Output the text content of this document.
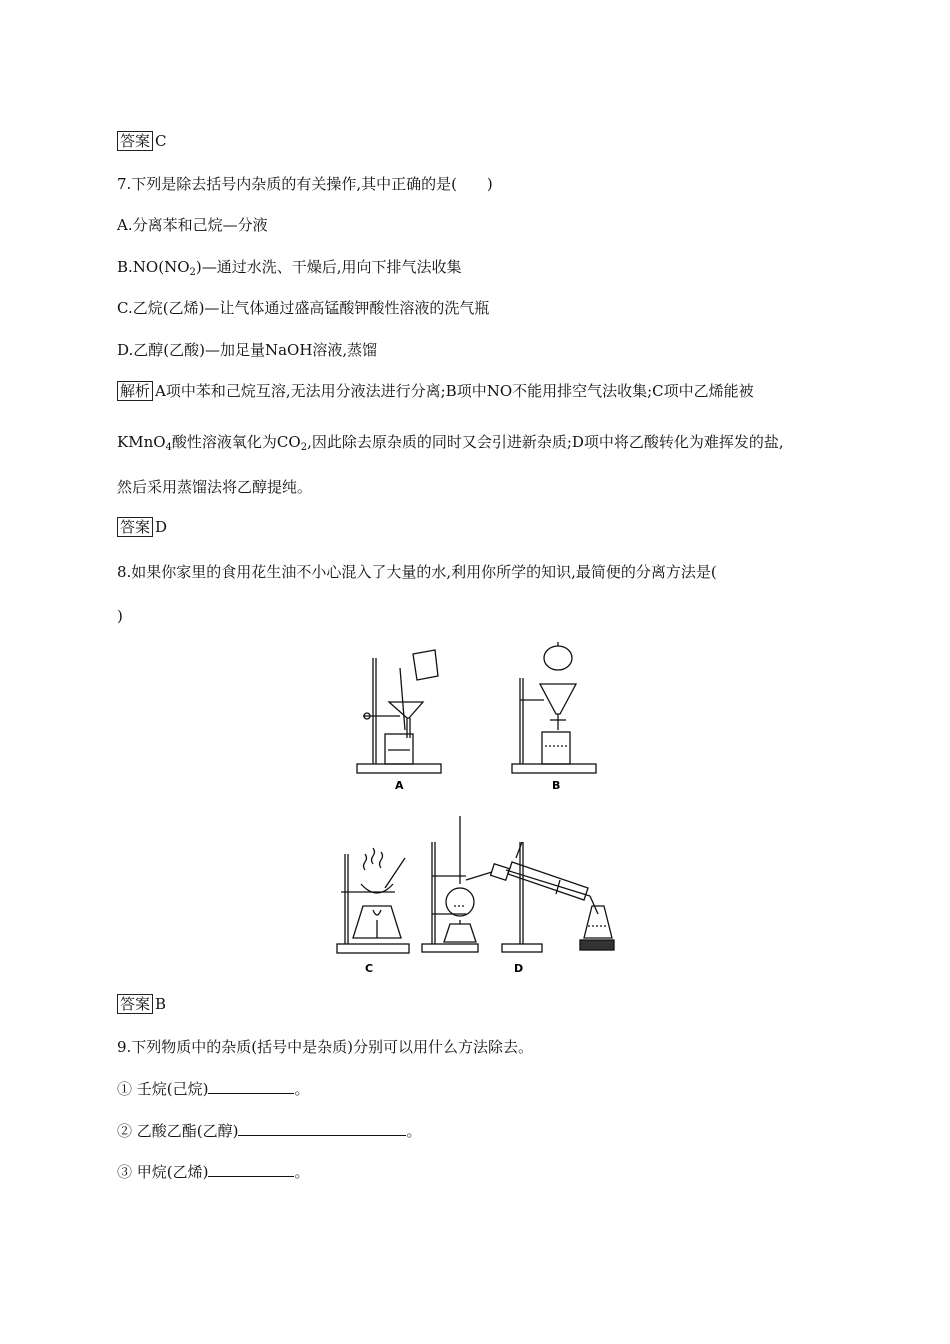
答案 C
7.下列是除去括号内杂质的有关操作,其中正确的是(　　)
A.分离苯和己烷—分液
$B.NO(NO_2)—$通过水洗、干燥后,用向下排气法收集
C.乙烷(乙烯)—让气体通过盛高锰酸钾酸性溶液的洗气瓶
D.乙醇(乙酸)—加足量NaOH溶液,蒸馏
解析 A项中苯和己烷互溶,无法用分液法进行分离;B项中NO不能用排空气法收集;C项中乙烯能被
KMnO$_4$酸性溶液氧化为$CO_2$,因此除去原杂质的同时又会引进新杂质;D项中将乙酸转化为难挥发的盐,
然后采用蒸馏法将乙醇提纯。
答案 D
8.如果你家里的食用花生油不小心混入了大量的水,利用你所学的知识,最简便的分离方法是(
)
A	B
C	D
答案 B
9.下列物质中的杂质(括号中是杂质)分别可以用什么方法除去。
① 壬烷(己烷)	。
② 乙酸乙酯(乙醇)	。
③ 甲烷(乙烯)	。
